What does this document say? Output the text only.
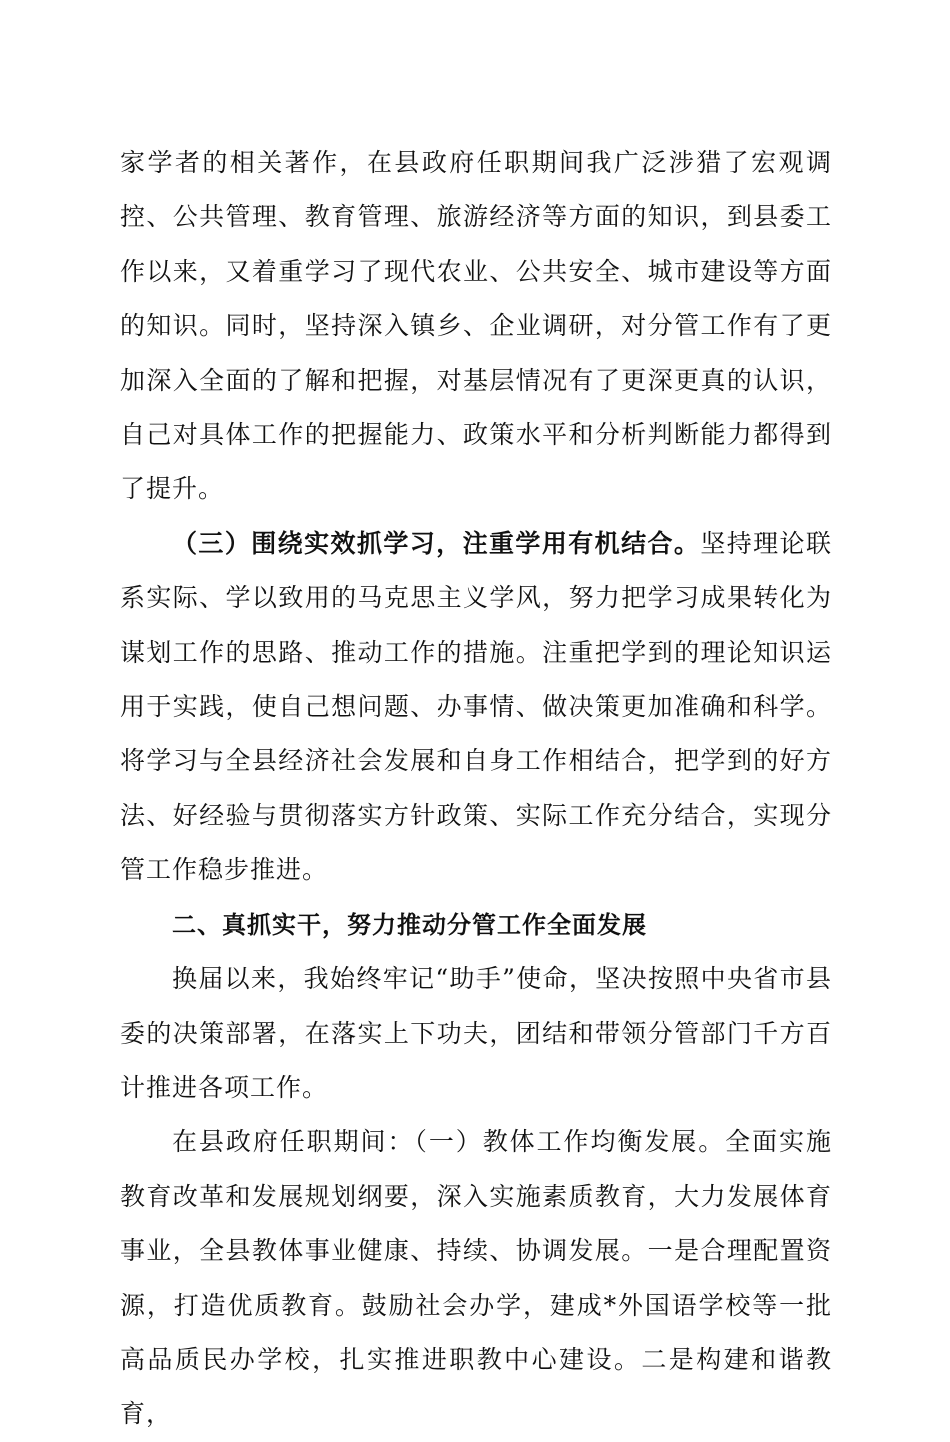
家学者的相关著作，在县政府任职期间我广泛涉猎了宏观调控、公共管理、教育管理、旅游经济等方面的知识，到县委工作以来，又着重学习了现代农业、公共安全、城市建设等方面的知识。同时，坚持深入镇乡、企业调研，对分管工作有了更加深入全面的了解和把握，对基层情况有了更深更真的认识，自己对具体工作的把握能力、政策水平和分析判断能力都得到了提升。

（三）围绕实效抓学习，注重学用有机结合。坚持理论联系实际、学以致用的马克思主义学风，努力把学习成果转化为谋划工作的思路、推动工作的措施。注重把学到的理论知识运用于实践，使自己想问题、办事情、做决策更加准确和科学。将学习与全县经济社会发展和自身工作相结合，把学到的好方法、好经验与贯彻落实方针政策、实际工作充分结合，实现分管工作稳步推进。

二、真抓实干，努力推动分管工作全面发展

换届以来，我始终牢记“助手”使命，坚决按照中央省市县委的决策部署，在落实上下功夫，团结和带领分管部门千方百计推进各项工作。

在县政府任职期间：（一）教体工作均衡发展。全面实施教育改革和发展规划纲要，深入实施素质教育，大力发展体育事业，全县教体事业健康、持续、协调发展。一是合理配置资源，打造优质教育。鼓励社会办学，建成*外国语学校等一批高品质民办学校，扎实推进职教中心建设。二是构建和谐教育，
